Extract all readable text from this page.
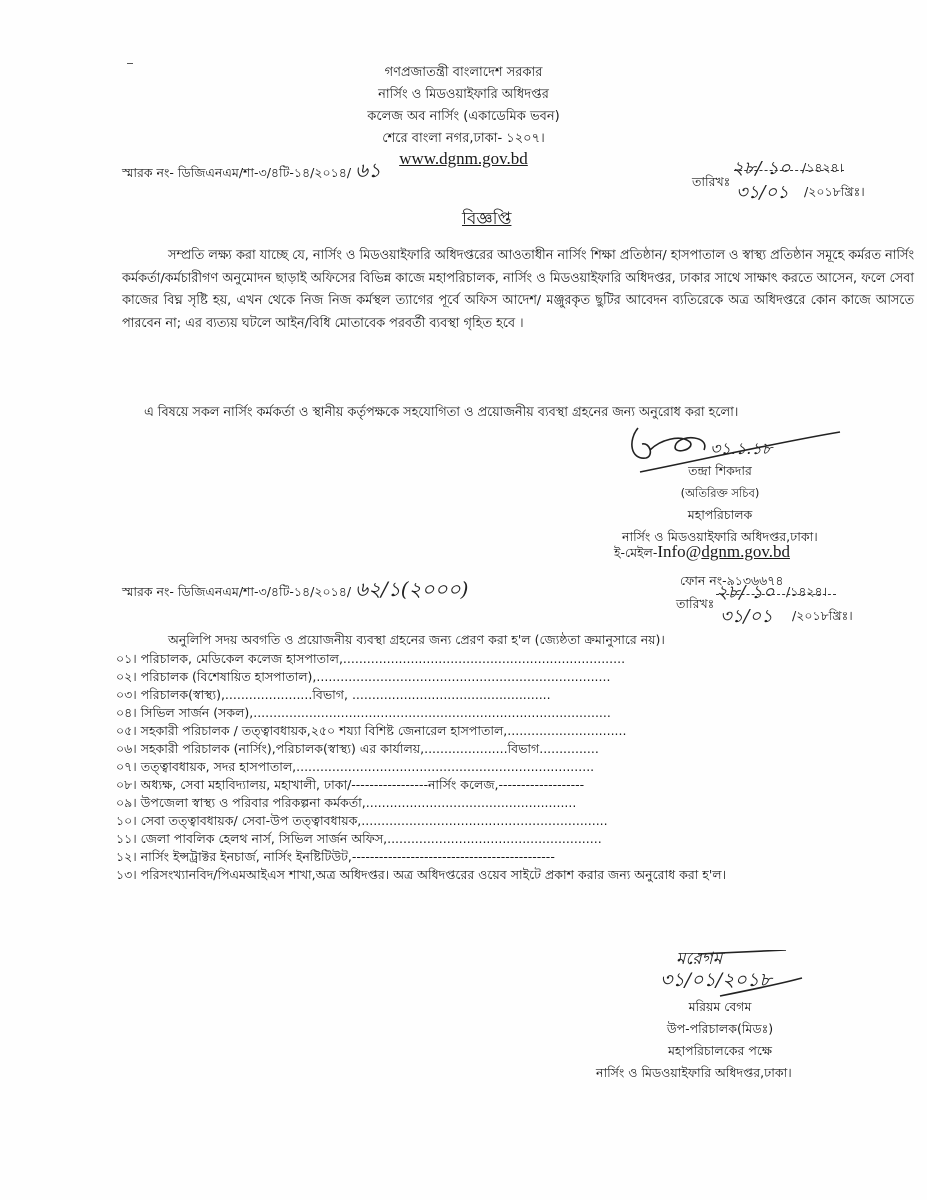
গণপ্রজাতন্ত্রী বাংলাদেশ সরকার
নার্সিং ও মিডওয়াইফারি অধিদপ্তর
কলেজ অব নার্সিং (একাডেমিক ভবন)
শেরে বাংলা নগর,ঢাকা- ১২০৭।
www.dgnm.gov.bd
স্মারক নং- ডিজিএনএম/শা-৩/৪টি-১৪/২০১৪/ ৬১	২৮/ ১০ /১৪২৪।
তারিখঃ
৩১/০১ /২০১৮খ্রিঃ।
বিজ্ঞপ্তি
সম্প্রতি লক্ষ্য করা যাচ্ছে যে, নার্সিং ও মিডওয়াইফারি অধিদপ্তরের আওতাধীন নার্সিং শিক্ষা প্রতিষ্ঠান/ হাসপাতাল ও স্বাস্থ্য প্রতিষ্ঠান সমূহে কর্মরত নার্সিং কর্মকর্তা/কর্মচারীগণ অনুমোদন ছাড়াই অফিসের বিভিন্ন কাজে মহাপরিচালক, নার্সিং ও মিডওয়াইফারি অধিদপ্তর, ঢাকার সাথে সাক্ষাৎ করতে আসেন, ফলে সেবা কাজের বিঘ্ন সৃষ্টি হয়, এখন থেকে নিজ নিজ কর্মস্থল ত্যাগের পূর্বে অফিস আদেশ/ মঞ্জুরকৃত ছুটির আবেদন ব্যতিরেকে অত্র অধিদপ্তরে কোন কাজে আসতে পারবেন না; এর ব্যত্যয় ঘটলে আইন/বিধি মোতাবেক পরবর্তী ব্যবস্থা গৃহিত হবে ।
এ বিষয়ে সকল নার্সিং কর্মকর্তা ও স্থানীয় কর্তৃপক্ষকে সহযোগিতা ও প্রয়োজনীয় ব্যবস্থা গ্রহনের জন্য অনুরোধ করা হলো।
৩১.১.১৮
তন্দ্রা শিকদার
(অতিরিক্ত সচিব)
মহাপরিচালক
নার্সিং ও মিডওয়াইফারি অধিদপ্তর,ঢাকা।
ই-মেইল-Info@dgnm.gov.bd
ফোন নং-৯১৩৬৬৭৪
স্মারক নং- ডিজিএনএম/শা-৩/৪টি-১৪/২০১৪/ ৬২/১(২০০০)	২৮/ ১০ /১৪২৪।
তারিখঃ
৩১/০১ /২০১৮খ্রিঃ।
অনুলিপি সদয় অবগতি ও প্রয়োজনীয় ব্যবস্থা গ্রহনের জন্য প্রেরণ করা হ'ল (জ্যেষ্ঠতা ক্রমানুসারে নয়)।
০১। পরিচালক, মেডিকেল কলেজ হাসপাতাল,.......................................................................
০২। পরিচালক (বিশেষায়িত হাসপাতাল),..........................................................................
০৩। পরিচালক(স্বাস্থ্য),......................বিভাগ, ..................................................
০৪। সিভিল সার্জন (সকল),..........................................................................................
০৫। সহকারী পরিচালক / তত্ত্বাবধায়ক,২৫০ শয্যা বিশিষ্ট জেনারেল হাসপাতাল,..............................
০৬। সহকারী পরিচালক (নার্সিং),পরিচালক(স্বাস্থ্য) এর কার্যালয়,.....................বিভাগ...............
০৭। তত্ত্বাবধায়ক, সদর হাসপাতাল,...........................................................................
০৮। অধ্যক্ষ, সেবা মহাবিদ্যালয়, মহাখালী, ঢাকা/-----------------নার্সিং কলেজ,-------------------
০৯। উপজেলা স্বাস্থ্য ও পরিবার পরিকল্পনা কর্মকর্তা,.....................................................
১০। সেবা তত্ত্বাবধায়ক/ সেবা-উপ তত্ত্বাবধায়ক,..............................................................
১১। জেলা পাবলিক হেলথ নার্স, সিভিল সার্জন অফিস,......................................................
১২। নার্সিং ইন্সট্রাক্টর ইনচার্জ, নার্সিং ইনষ্টিটিউট,---------------------------------------------
১৩। পরিসংখ্যানবিদ/পিএমআইএস শাখা,অত্র অধিদপ্তর। অত্র অধিদপ্তরের ওয়েব সাইটে প্রকাশ করার জন্য অনুরোধ করা হ'ল।
মরেগম
৩১/০১/২০১৮
মরিয়ম বেগম
উপ-পরিচালক(মিডঃ)
মহাপরিচালকের পক্ষে
নার্সিং ও মিডওয়াইফারি অধিদপ্তর,ঢাকা।
